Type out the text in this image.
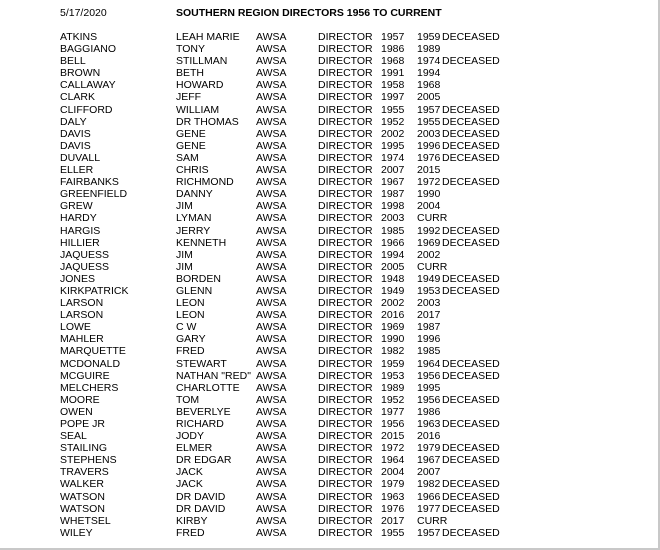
5/17/2020	SOUTHERN REGION DIRECTORS 1956 TO CURRENT
ATKINS	LEAH MARIE AWSA	DIRECTOR 1957 1959 DECEASED
BAGGIANO	TONY	AWSA	DIRECTOR 1986 1989
BELL	STILLMAN	AWSA	DIRECTOR 1968 1974 DECEASED
BROWN	BETH	AWSA	DIRECTOR 1991 1994
CALLAWAY	HOWARD	AWSA	DIRECTOR 1958 1968
CLARK	JEFF	AWSA	DIRECTOR 1997 2005
CLIFFORD	WILLIAM	AWSA	DIRECTOR 1955 1957 DECEASED
DALY	DR THOMAS AWSA	DIRECTOR 1952 1955 DECEASED
DAVIS	GENE	AWSA	DIRECTOR 2002 2003 DECEASED
DAVIS	GENE	AWSA	DIRECTOR 1995 1996 DECEASED
DUVALL	SAM	AWSA	DIRECTOR 1974 1976 DECEASED
ELLER	CHRIS	AWSA	DIRECTOR 2007 2015
FAIRBANKS	RICHMOND AWSA	DIRECTOR 1967 1972 DECEASED
GREENFIELD	DANNY	AWSA	DIRECTOR 1987 1990
GREW	JIM	AWSA	DIRECTOR 1998 2004
HARDY	LYMAN	AWSA	DIRECTOR 2003 CURR
HARGIS	JERRY	AWSA	DIRECTOR 1985 1992 DECEASED
HILLIER	KENNETH	AWSA	DIRECTOR 1966 1969 DECEASED
JAQUESS	JIM	AWSA	DIRECTOR 1994 2002
JAQUESS	JIM	AWSA	DIRECTOR 2005 CURR
JONES	BORDEN	AWSA	DIRECTOR 1948 1949 DECEASED
KIRKPATRICK	GLENN	AWSA	DIRECTOR 1949 1953 DECEASED
LARSON	LEON	AWSA	DIRECTOR 2002 2003
LARSON	LEON	AWSA	DIRECTOR 2016 2017
LOWE	C W	AWSA	DIRECTOR 1969 1987
MAHLER	GARY	AWSA	DIRECTOR 1990 1996
MARQUETTE	FRED	AWSA	DIRECTOR 1982 1985
MCDONALD	STEWART	AWSA	DIRECTOR 1959 1964 DECEASED
MCGUIRE	NATHAN "RED" AWSA	DIRECTOR 1953 1956 DECEASED
MELCHERS	CHARLOTTE AWSA	DIRECTOR 1989 1995
MOORE	TOM	AWSA	DIRECTOR 1952 1956 DECEASED
OWEN	BEVERLYE AWSA	DIRECTOR 1977 1986
POPE JR	RICHARD	AWSA	DIRECTOR 1956 1963 DECEASED
SEAL	JODY	AWSA	DIRECTOR 2015 2016
STAILING	ELMER	AWSA	DIRECTOR 1972 1979 DECEASED
STEPHENS	DR EDGAR AWSA	DIRECTOR 1964 1967 DECEASED
TRAVERS	JACK	AWSA	DIRECTOR 2004 2007
WALKER	JACK	AWSA	DIRECTOR 1979 1982 DECEASED
WATSON	DR DAVID	AWSA	DIRECTOR 1963 1966 DECEASED
WATSON	DR DAVID	AWSA	DIRECTOR 1976 1977 DECEASED
WHETSEL	KIRBY	AWSA	DIRECTOR 2017 CURR
WILEY	FRED	AWSA	DIRECTOR 1955 1957 DECEASED
